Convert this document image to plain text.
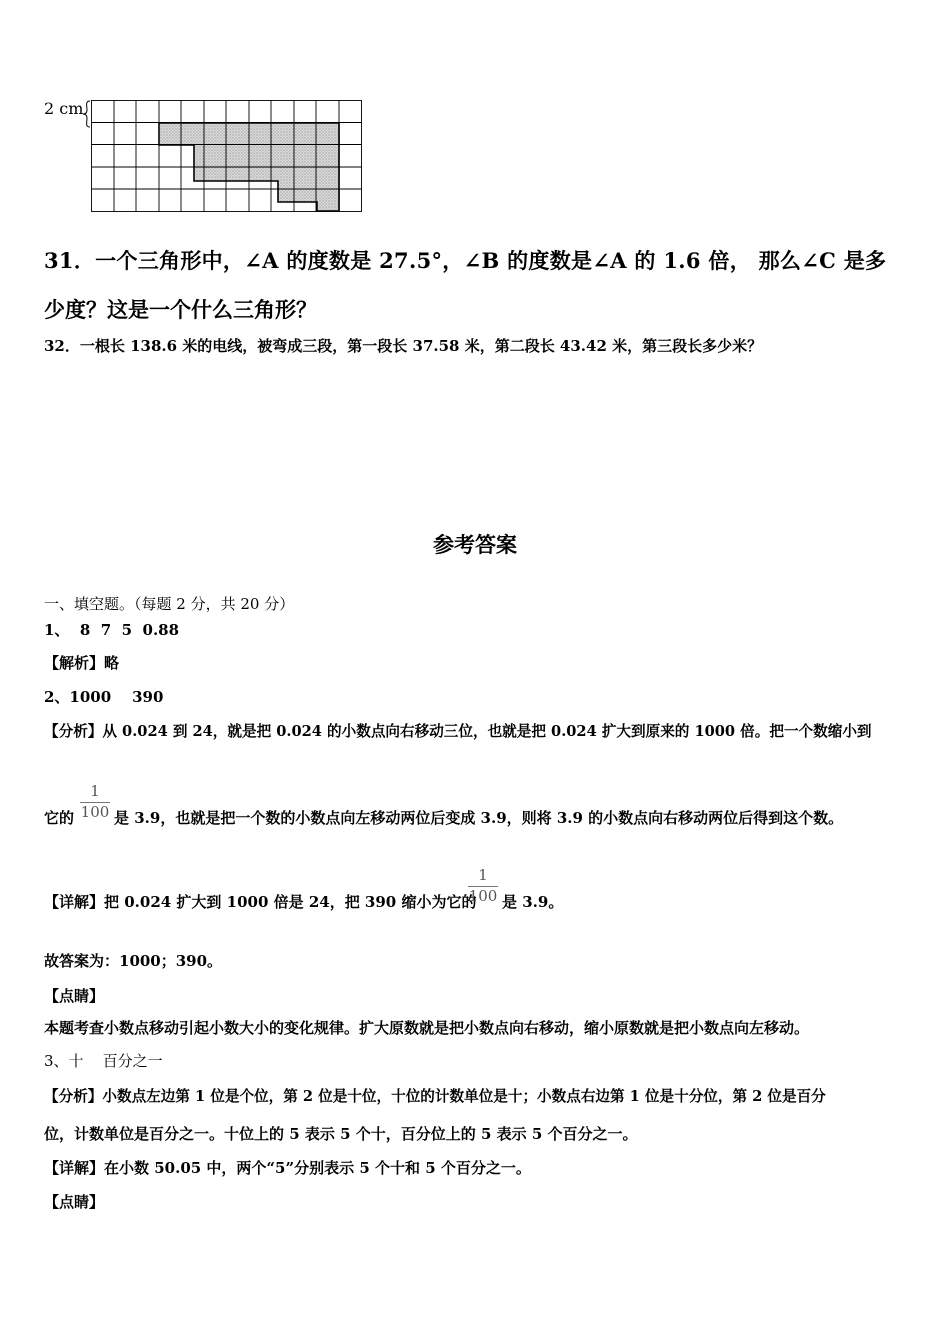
2 cm
31．一个三角形中，∠A 的度数是 27.5°，∠B 的度数是∠A 的 1.6 倍， 那么∠C 是多
少度？这是一个什么三角形？
32．一根长 138.6 米的电线，被弯成三段，第一段长 37.58 米，第二段长 43.42 米，第三段长多少米？
参考答案
一、填空题。（每题 2 分，共 20 分）
1、  8  7  5  0.88
【解析】略
2、1000    390
【分析】从 0.024 到 24，就是把 0.024 的小数点向右移动三位，也就是把 0.024 扩大到原来的 1000 倍。把一个数缩小到
它的
1
100 是 3.9，也就是把一个数的小数点向左移动两位后变成 3.9，则将 3.9 的小数点向右移动两位后得到这个数。
【详解】把 0.024 扩大到 1000 倍是 24，把 390 缩小为它的
1
100 是 3.9。
故答案为：1000；390。
【点睛】
本题考查小数点移动引起小数大小的变化规律。扩大原数就是把小数点向右移动，缩小原数就是把小数点向左移动。
3、十    百分之一
【分析】小数点左边第 1 位是个位，第 2 位是十位，十位的计数单位是十；小数点右边第 1 位是十分位，第 2 位是百分
位，计数单位是百分之一。十位上的 5 表示 5 个十，百分位上的 5 表示 5 个百分之一。
【详解】在小数 50.05 中，两个“5”分别表示 5 个十和 5 个百分之一。
【点睛】
